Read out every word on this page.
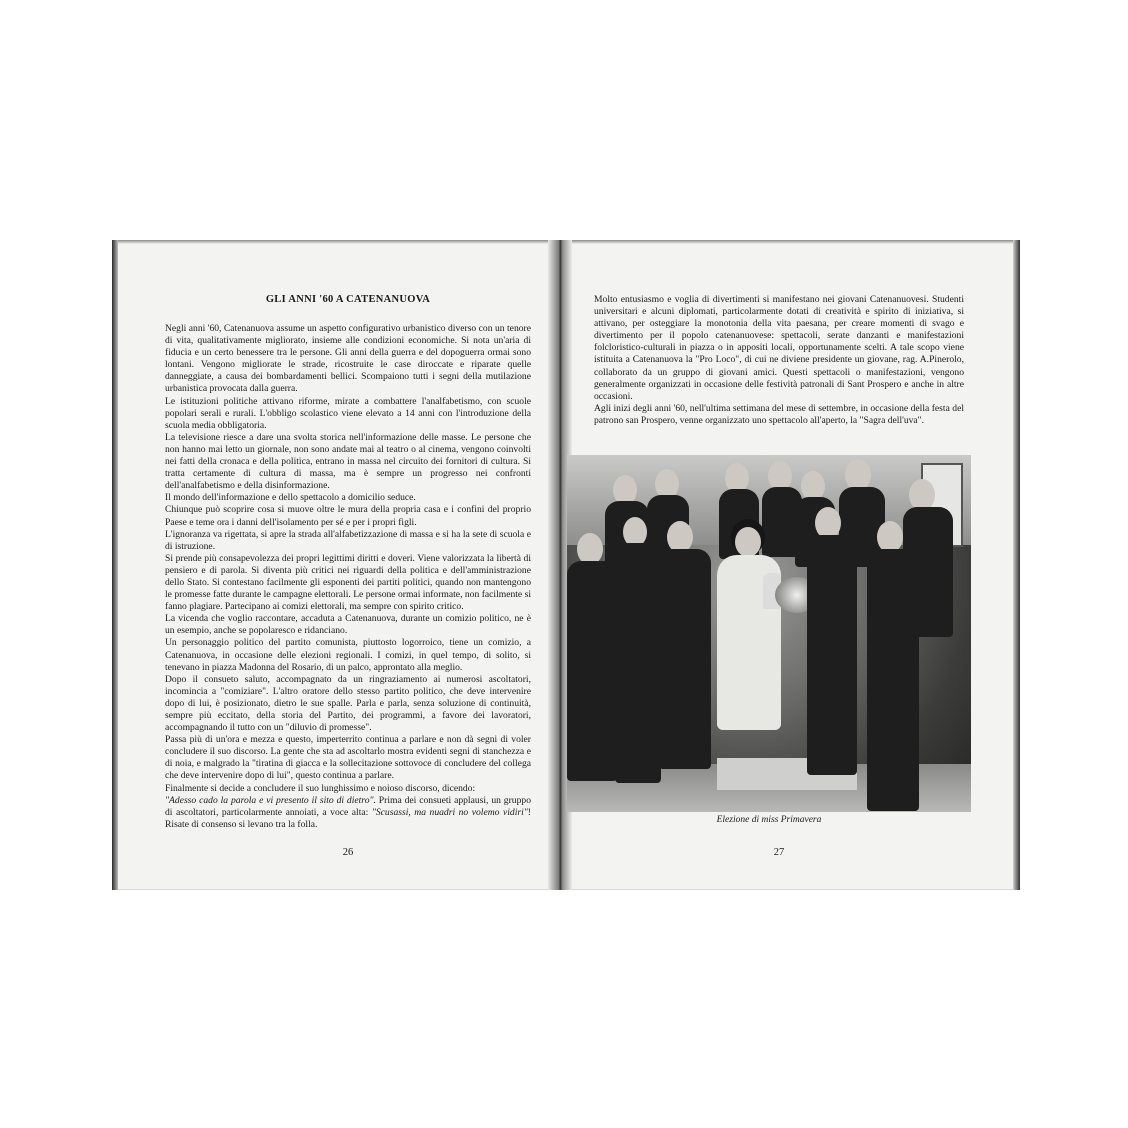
GLI ANNI '60 A CATENANUOVA

Negli anni '60, Catenanuova assume un aspetto configurativo urbanistico diverso con un tenore di vita, qualitativamente migliorato, insieme alle condizioni economiche. Si nota un'aria di fiducia e un certo benessere tra le persone. Gli anni della guerra e del dopoguerra ormai sono lontani. Vengono migliorate le strade, ricostruite le case diroccate e riparate quelle danneggiate, a causa dei bombardamenti bellici. Scompaiono tutti i segni della mutilazione urbanistica provocata dalla guerra.

Le istituzioni politiche attivano riforme, mirate a combattere l'analfabetismo, con scuole popolari serali e rurali. L'obbligo scolastico viene elevato a 14 anni con l'introduzione della scuola media obbligatoria.

La televisione riesce a dare una svolta storica nell'informazione delle masse. Le persone che non hanno mai letto un giornale, non sono andate mai al teatro o al cinema, vengono coinvolti nei fatti della cronaca e della politica, entrano in massa nel circuito dei fornitori di cultura. Si tratta certamente di cultura di massa, ma è sempre un progresso nei confronti dell'analfabetismo e della disinformazione.

Il mondo dell'informazione e dello spettacolo a domicilio seduce.

Chiunque può scoprire cosa si muove oltre le mura della propria casa e i confini del proprio Paese e teme ora i danni dell'isolamento per sé e per i propri figli.

L'ignoranza va rigettata, si apre la strada all'alfabetizzazione di massa e si ha la sete di scuola e di istruzione.

Si prende più consapevolezza dei propri legittimi diritti e doveri. Viene valorizzata la libertà di pensiero e di parola. Si diventa più critici nei riguardi della politica e dell'amministrazione dello Stato. Si contestano facilmente gli esponenti dei partiti politici, quando non mantengono le promesse fatte durante le campagne elettorali. Le persone ormai informate, non facilmente si fanno plagiare. Partecipano ai comizi elettorali, ma sempre con spirito critico.

La vicenda che voglio raccontare, accaduta a Catenanuova, durante un comizio politico, ne è un esempio, anche se popolaresco e ridanciano.

Un personaggio politico del partito comunista, piuttosto logorroico, tiene un comizio, a Catenanuova, in occasione delle elezioni regionali. I comizi, in quel tempo, di solito, si tenevano in piazza Madonna del Rosario, di un palco, approntato alla meglio.

Dopo il consueto saluto, accompagnato da un ringraziamento ai numerosi ascoltatori, incomincia a "comiziare". L'altro oratore dello stesso partito politico, che deve intervenire dopo di lui, è posizionato, dietro le sue spalle. Parla e parla, senza soluzione di continuità, sempre più eccitato, della storia del Partito, dei programmi, a favore dei lavoratori, accompagnando il tutto con un "diluvio di promesse".

Passa più di un'ora e mezza e questo, imperterrito continua a parlare e non dà segni di voler concludere il suo discorso. La gente che sta ad ascoltarlo mostra evidenti segni di stanchezza e di noia, e malgrado la "tiratina di giacca e la sollecitazione sottovoce di concludere del collega che deve intervenire dopo di lui", questo continua a parlare.

Finalmente si decide a concludere il suo lunghissimo e noioso discorso, dicendo:

"Adesso cado la parola e vi presento il sito di dietro". Prima dei consueti applausi, un gruppo di ascoltatori, particolarmente annoiati, a voce alta: "Scusassi, ma nuadri no volemo vidiri"! Risate di consenso si levano tra la folla.

26

Molto entusiasmo e voglia di divertimenti si manifestano nei giovani Catenanuovesi. Studenti universitari e alcuni diplomati, particolarmente dotati di creatività e spirito di iniziativa, si attivano, per osteggiare la monotonia della vita paesana, per creare momenti di svago e divertimento per il popolo catenanuovese: spettacoli, serate danzanti e manifestazioni folcloristico-culturali in piazza o in appositi locali, opportunamente scelti. A tale scopo viene istituita a Catenanuova la "Pro Loco", di cui ne diviene presidente un giovane, rag. A.Pinerolo, collaborato da un gruppo di giovani amici. Questi spettacoli o manifestazioni, vengono generalmente organizzati in occasione delle festività patronali di Sant Prospero e anche in altre occasioni.

Agli inizi degli anni '60, nell'ultima settimana del mese di settembre, in occasione della festa del patrono san Prospero, venne organizzato uno spettacolo all'aperto, la "Sagra dell'uva".

27
Elezione di miss Primavera
